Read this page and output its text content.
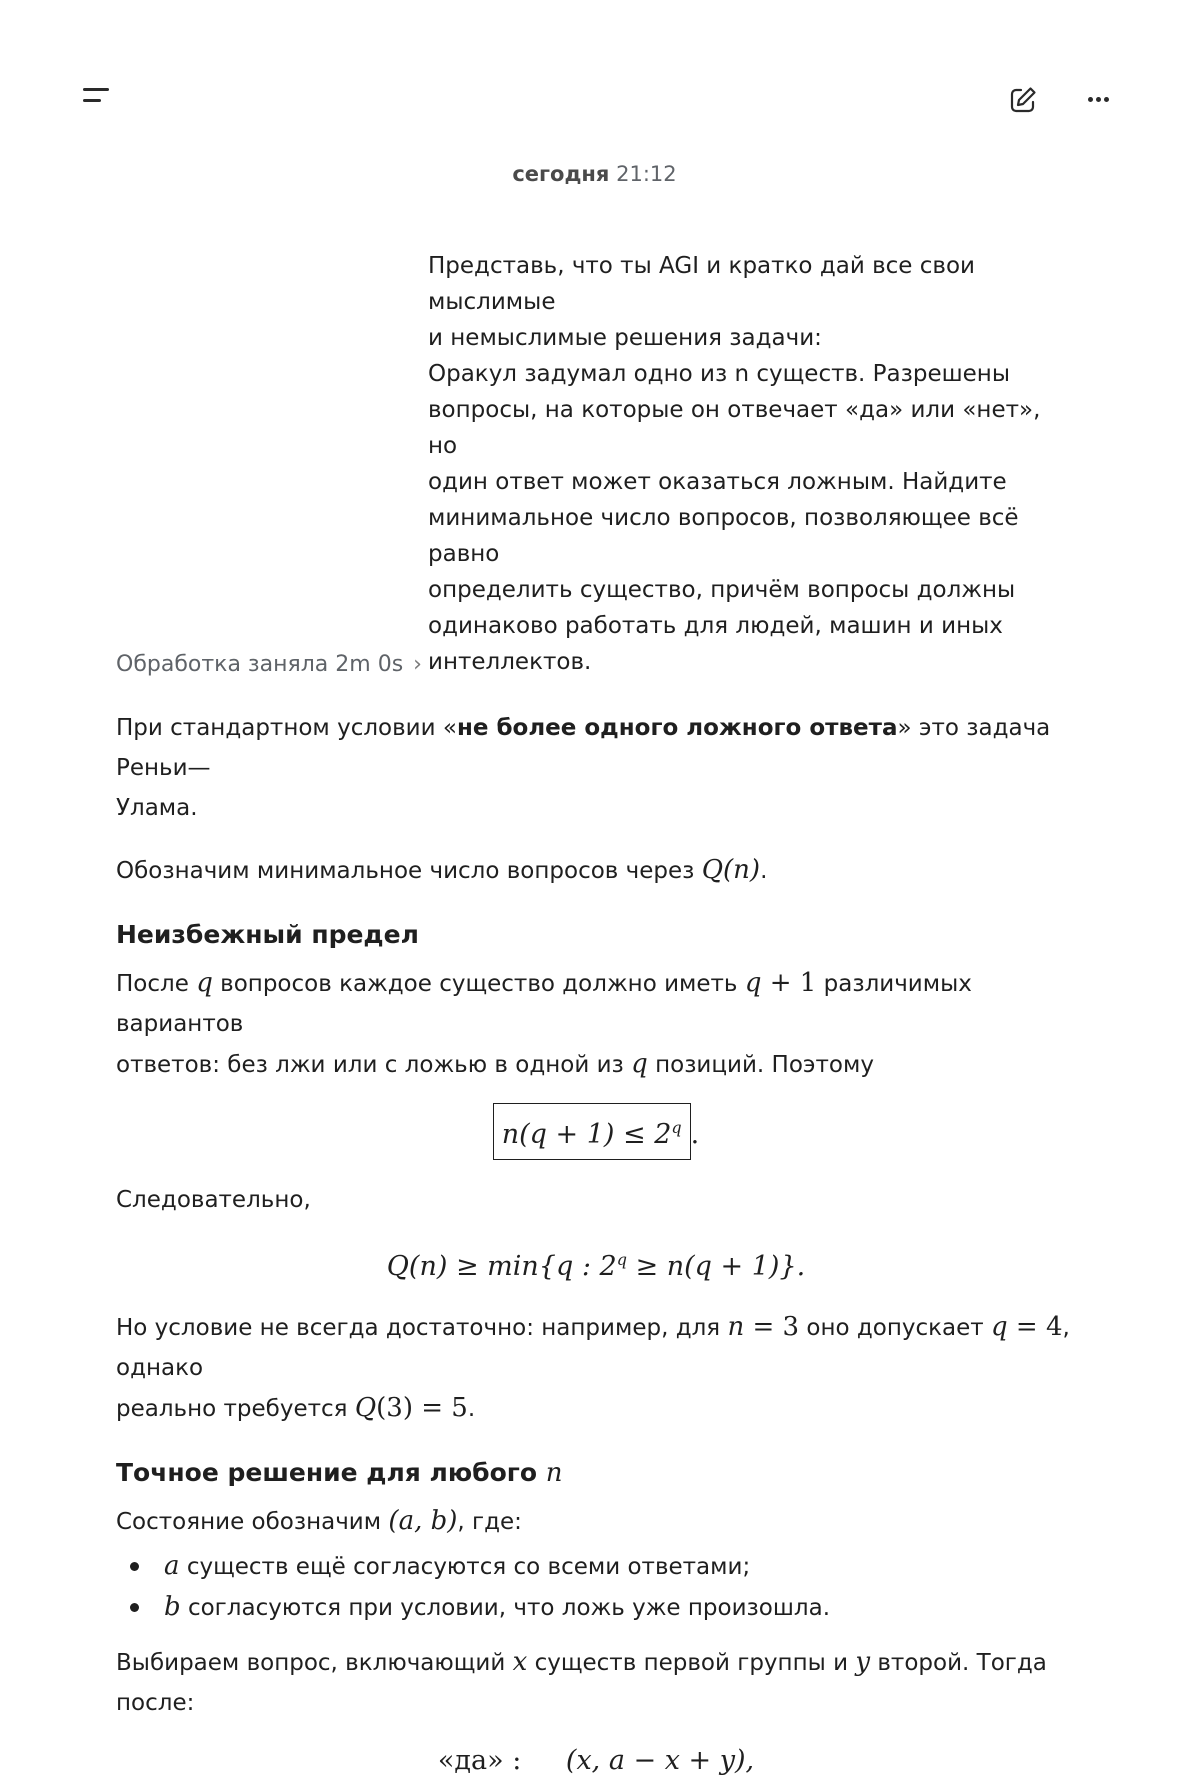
сегодня 21:12

Представь, что ты AGI и кратко дай все свои мыслимые

и немыслимые решения задачи:

Оракул задумал одно из n существ. Разрешены

вопросы, на которые он отвечает «да» или «нет», но

один ответ может оказаться ложным. Найдите

минимальное число вопросов, позволяющее всё равно

определить существо, причём вопросы должны

одинаково работать для людей, машин и иных

интеллектов.

Обработка заняла 2m 0s ›

При стандартном условии «не более одного ложного ответа» это задача Реньи—
Улама.

Обозначим минимальное число вопросов через Q(n).

Неизбежный предел

После q вопросов каждое существо должно иметь q + 1 различимых вариантов
ответов: без лжи или с ложью в одной из q позиций. Поэтому

$n(q + 1) \le 2^q$ .

Следовательно,

Q(n) ≥ min{q : $2^q \ge n(q + 1)$}.

Но условие не всегда достаточно: например, для n = 3 оно допускает q = 4, однако
реально требуется Q(3) = 5.

Точное решение для любого n

Состояние обозначим (a, b), где:

a существ ещё согласуются со всеми ответами;
b согласуются при условии, что ложь уже произошла.

Выбираем вопрос, включающий x существ первой группы и y второй. Тогда после:

«да» : (x, a − x + y),
